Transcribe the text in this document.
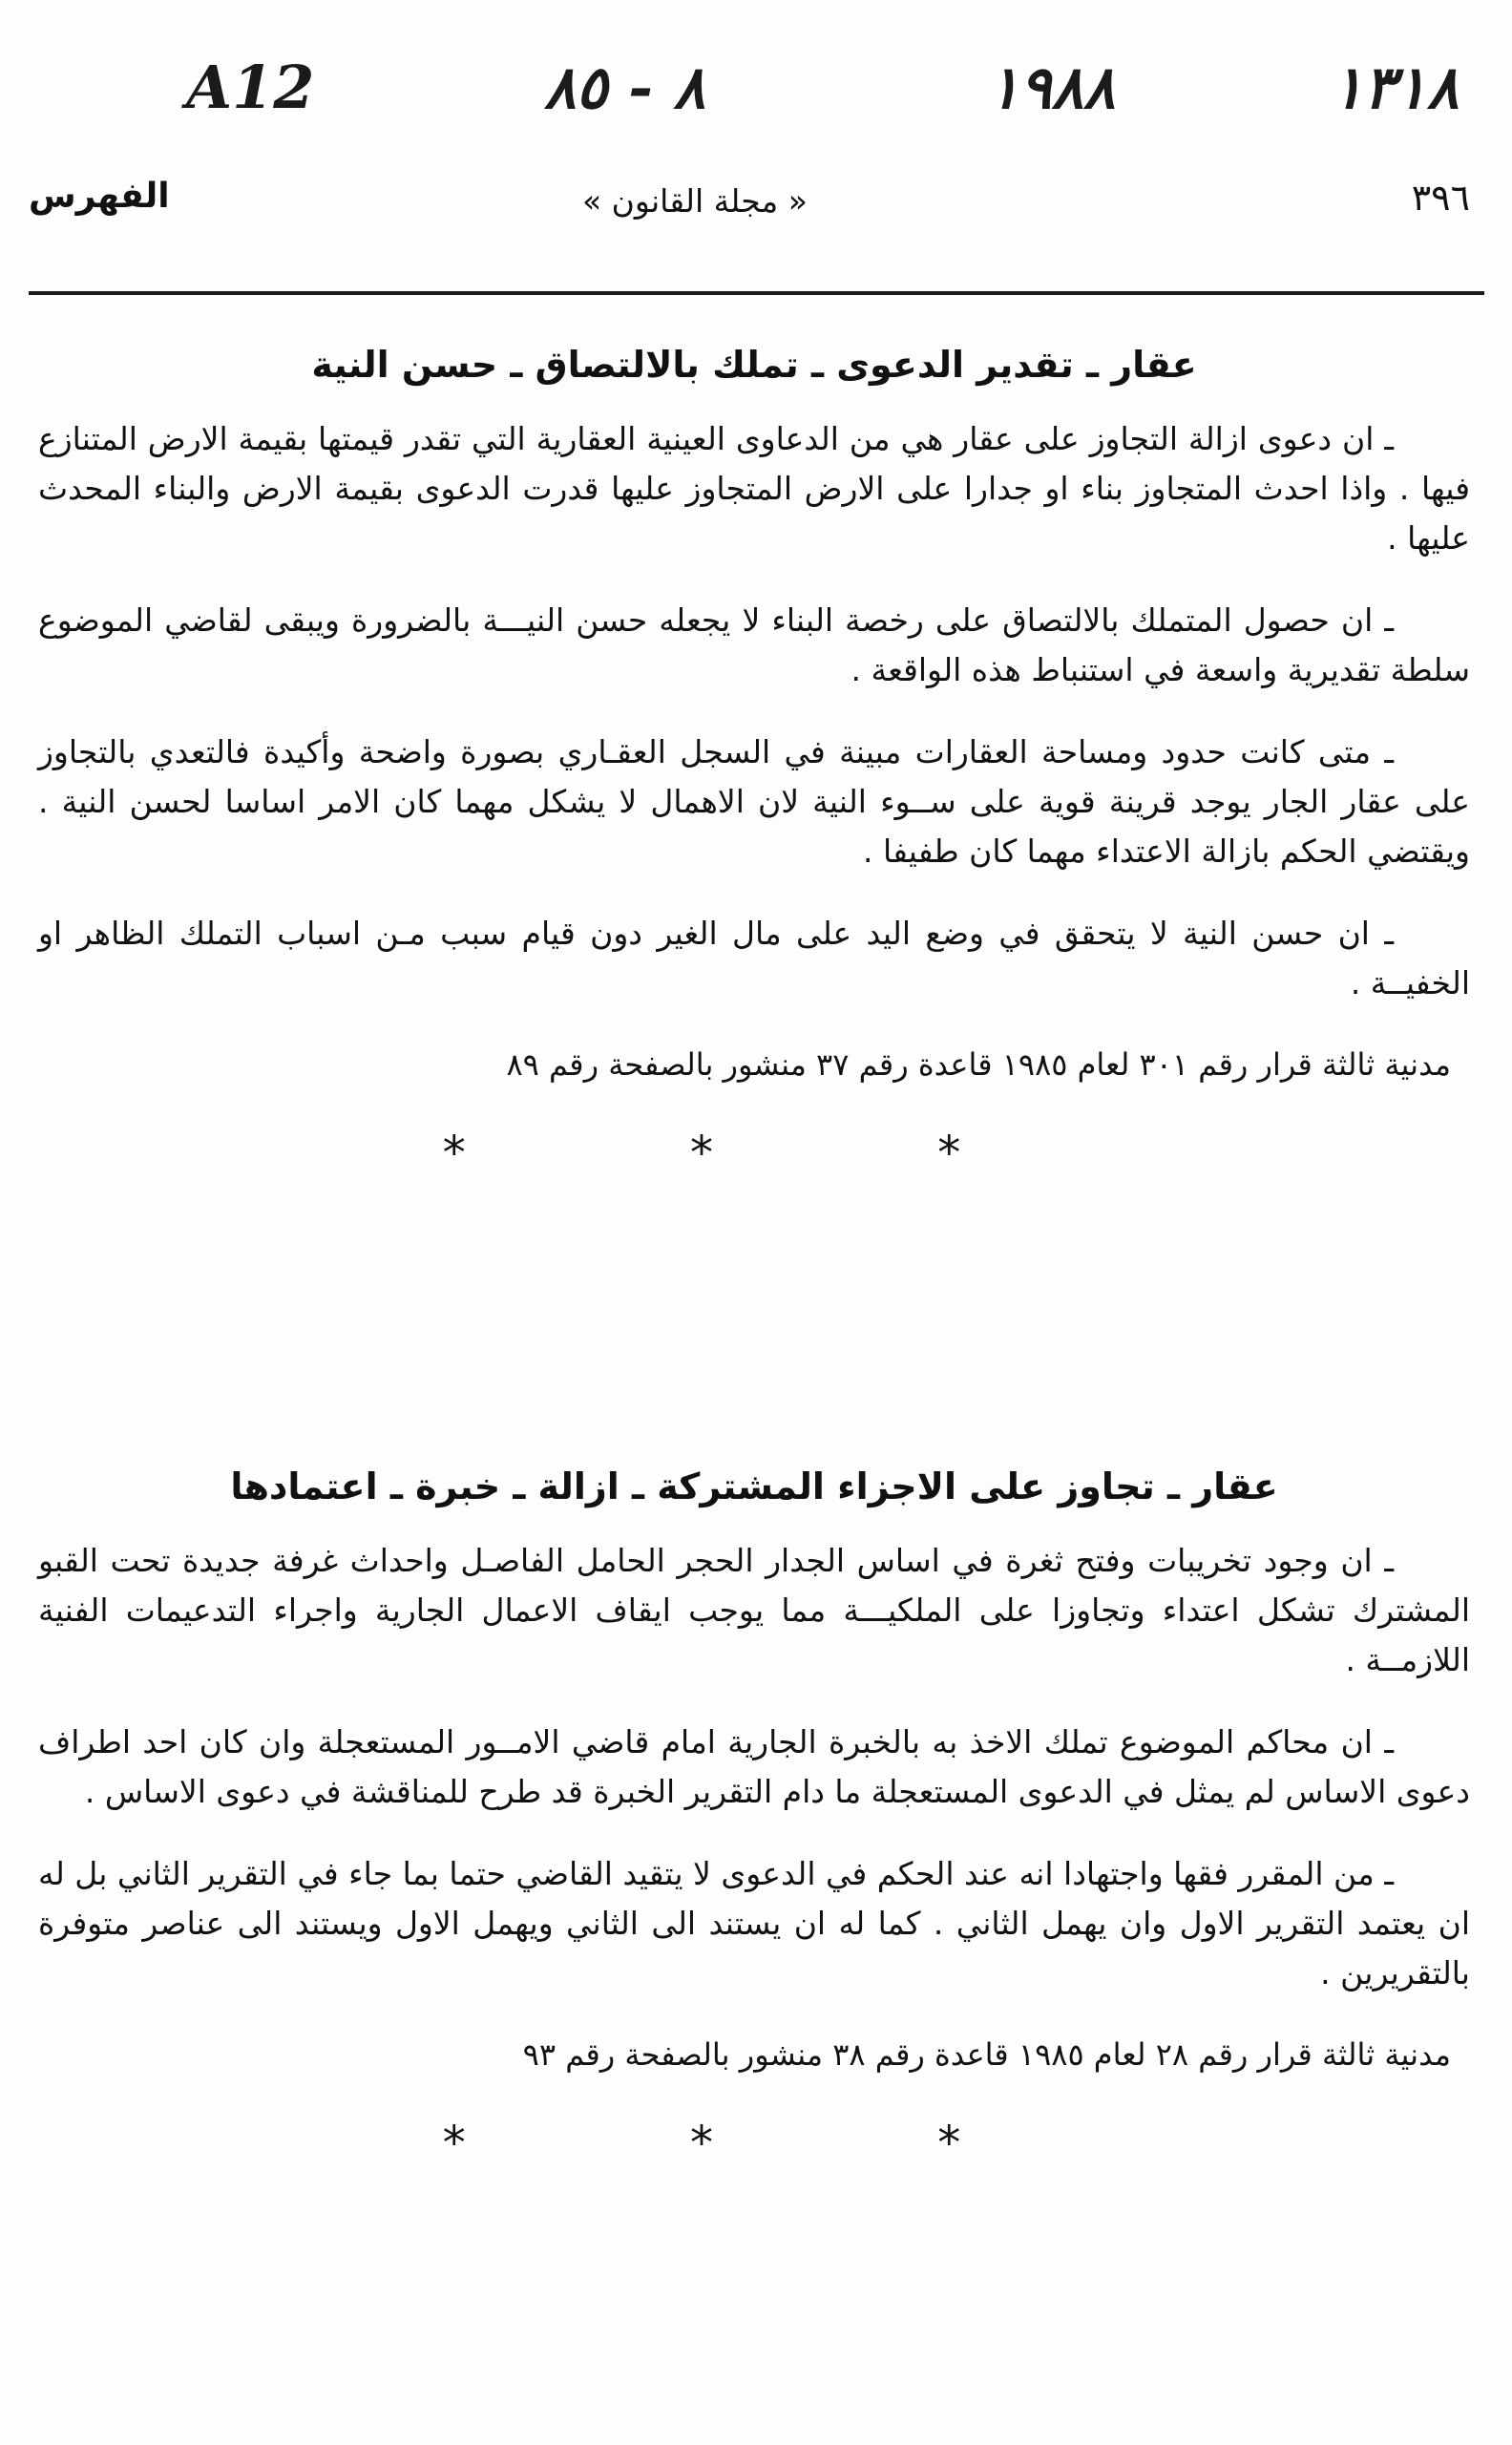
A12	٨ - ٨٥	١٩٨٨	١٣١٨
الفهرس	« مجلة القانون »	٣٩٦
عقار ـ تقدير الدعوى ـ تملك بالالتصاق ـ حسن النية

ـ ان دعوى ازالة التجاوز على عقار هي من الدعاوى العينية العقارية التي تقدر قيمتها بقيمة الارض المتنازع فيها . واذا احدث المتجاوز بناء او جدارا على الارض المتجاوز عليها قدرت الدعوى بقيمة الارض والبناء المحدث عليها .

ـ ان حصول المتملك بالالتصاق على رخصة البناء لا يجعله حسن النيـــة بالضرورة ويبقى لقاضي الموضوع سلطة تقديرية واسعة في استنباط هذه الواقعة .

ـ متى كانت حدود ومساحة العقارات مبينة في السجل العقـاري بصورة واضحة وأكيدة فالتعدي بالتجاوز على عقار الجار يوجد قرينة قوية على ســوء النية لان الاهمال لا يشكل مهما كان الامر اساسا لحسن النية . ويقتضي الحكم بازالة الاعتداء مهما كان طفيفا .

ـ ان حسن النية لا يتحقق في وضع اليد على مال الغير دون قيام سبب مـن اسباب التملك الظاهر او الخفيــة .

مدنية ثالثة قرار رقم ٣٠١ لعام ١٩٨٥ قاعدة رقم ٣٧ منشور بالصفحة رقم ٨٩

* * *

عقار ـ تجاوز على الاجزاء المشتركة ـ ازالة ـ خبرة ـ اعتمادها

ـ ان وجود تخريبات وفتح ثغرة في اساس الجدار الحجر الحامل الفاصـل واحداث غرفة جديدة تحت القبو المشترك تشكل اعتداء وتجاوزا على الملكيـــة مما يوجب ايقاف الاعمال الجارية واجراء التدعيمات الفنية اللازمــة .

ـ ان محاكم الموضوع تملك الاخذ به بالخبرة الجارية امام قاضي الامــور المستعجلة وان كان احد اطراف دعوى الاساس لم يمثل في الدعوى المستعجلة ما دام التقرير الخبرة قد طرح للمناقشة في دعوى الاساس .

ـ من المقرر فقها واجتهادا انه عند الحكم في الدعوى لا يتقيد القاضي حتما بما جاء في التقرير الثاني بل له ان يعتمد التقرير الاول وان يهمل الثاني . كما له ان يستند الى الثاني ويهمل الاول ويستند الى عناصر متوفرة بالتقريرين .

مدنية ثالثة قرار رقم ٢٨ لعام ١٩٨٥ قاعدة رقم ٣٨ منشور بالصفحة رقم ٩٣

* * *
